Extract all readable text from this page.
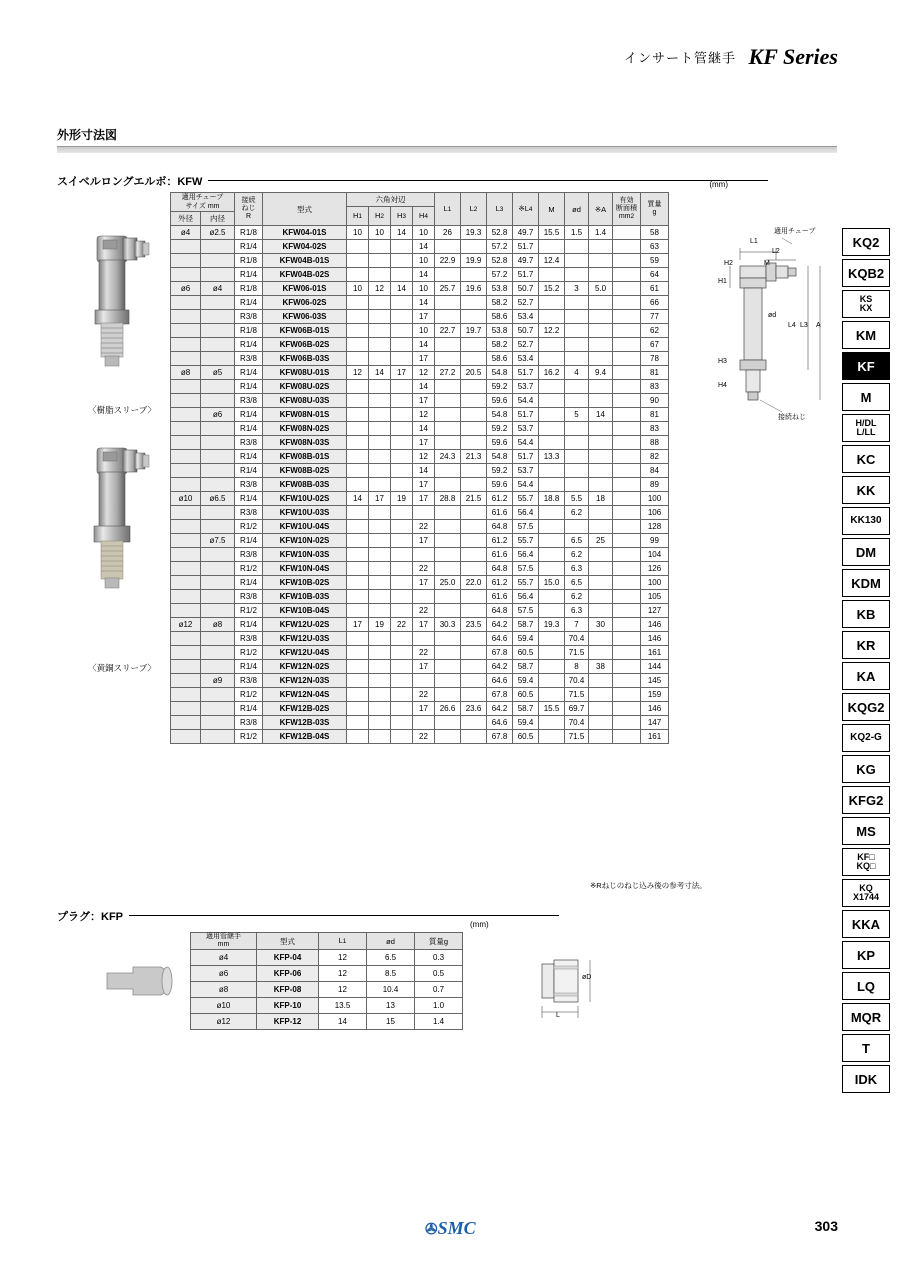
インサート管継手 KF Series
外形寸法図
スイベルロングエルボ：KFW	(mm)
〈樹脂スリーブ〉
〈黄銅スリーブ〉
L1
L2
H1
H2	M
ød
L3
L4	A
H3
H4
適用チューブ
接続ねじ
適用チューブ
サイズ mm		接続
ねじ
R	型式	六角対辺				L1	L2	L3	※L4	M	ød	※A	有効
断面積
mm2	質量
g

				H1	H2	H3	H4									
外径	内径															
ø4	ø2.5	R1/8	KFW04-01S	10	10	14	10	26	19.3	52.8	49.7	15.5	1.5	1.4		58
		R1/4	KFW04-02S				14			57.2	51.7					63
		R1/8	KFW04B-01S				10	22.9	19.9	52.8	49.7	12.4				59
		R1/4	KFW04B-02S				14			57.2	51.7					64
ø6	ø4	R1/8	KFW06-01S	10	12	14	10	25.7	19.6	53.8	50.7	15.2	3	5.0		61
		R1/4	KFW06-02S				14			58.2	52.7					66
		R3/8	KFW06-03S				17			58.6	53.4					77
		R1/8	KFW06B-01S				10	22.7	19.7	53.8	50.7	12.2				62
		R1/4	KFW06B-02S				14			58.2	52.7					67
		R3/8	KFW06B-03S				17			58.6	53.4					78
ø8	ø5	R1/4	KFW08U-01S	12	14	17	12	27.2	20.5	54.8	51.7	16.2	4	9.4		81
		R1/4	KFW08U-02S				14			59.2	53.7					83
		R3/8	KFW08U-03S				17			59.6	54.4					90
	ø6	R1/4	KFW08N-01S				12			54.8	51.7		5	14		81
		R1/4	KFW08N-02S				14			59.2	53.7					83
		R3/8	KFW08N-03S				17			59.6	54.4					88
		R1/4	KFW08B-01S				12	24.3	21.3	54.8	51.7	13.3				82
		R1/4	KFW08B-02S				14			59.2	53.7					84
		R3/8	KFW08B-03S				17			59.6	54.4					89
ø10	ø6.5	R1/4	KFW10U-02S	14	17	19	17	28.8	21.5	61.2	55.7	18.8	5.5	18		100
		R3/8	KFW10U-03S							61.6	56.4		6.2			106
		R1/2	KFW10U-04S				22			64.8	57.5					128
	ø7.5	R1/4	KFW10N-02S				17			61.2	55.7		6.5	25		99
		R3/8	KFW10N-03S							61.6	56.4		6.2			104
		R1/2	KFW10N-04S				22			64.8	57.5		6.3			126
		R1/4	KFW10B-02S				17	25.0	22.0	61.2	55.7	15.0	6.5			100
		R3/8	KFW10B-03S							61.6	56.4		6.2			105
		R1/2	KFW10B-04S				22			64.8	57.5		6.3			127
ø12	ø8	R1/4	KFW12U-02S	17	19	22	17	30.3	23.5	64.2	58.7	19.3	7	30		146
		R3/8	KFW12U-03S							64.6	59.4		70.4			146
		R1/2	KFW12U-04S				22			67.8	60.5		71.5			161
		R1/4	KFW12N-02S				17			64.2	58.7		8	38		144
	ø9	R3/8	KFW12N-03S							64.6	59.4		70.4			145
		R1/2	KFW12N-04S				22			67.8	60.5		71.5			159
		R1/4	KFW12B-02S				17	26.6	23.6	64.2	58.7	15.5	69.7			146
		R3/8	KFW12B-03S							64.6	59.4		70.4			147
		R1/2	KFW12B-04S				22			67.8	60.5		71.5			161
※Rねじのねじ込み後の参考寸法。
プラグ：KFP
(mm)
適用管継手
mm	型式	L1	ød	質量g
ø4	KFP-04	12	6.5	0.3
ø6	KFP-06	12	8.5	0.5
ø8	KFP-08	12	10.4	0.7
ø10	KFP-10	13.5	13	1.0
ø12	KFP-12	14	15	1.4
L
øD
KQ2
KQB2
KS
KX
KM
KF
M
H/DL
L/LL
KC
KK
KK130
DM
KDM
KB
KR
KA
KQG2
KQ2-G
KG
KFG2
MS
KF□
KQ□
KQ
X1744
KKA
KP
LQ
MQR
T
IDK
✇SMC	303
